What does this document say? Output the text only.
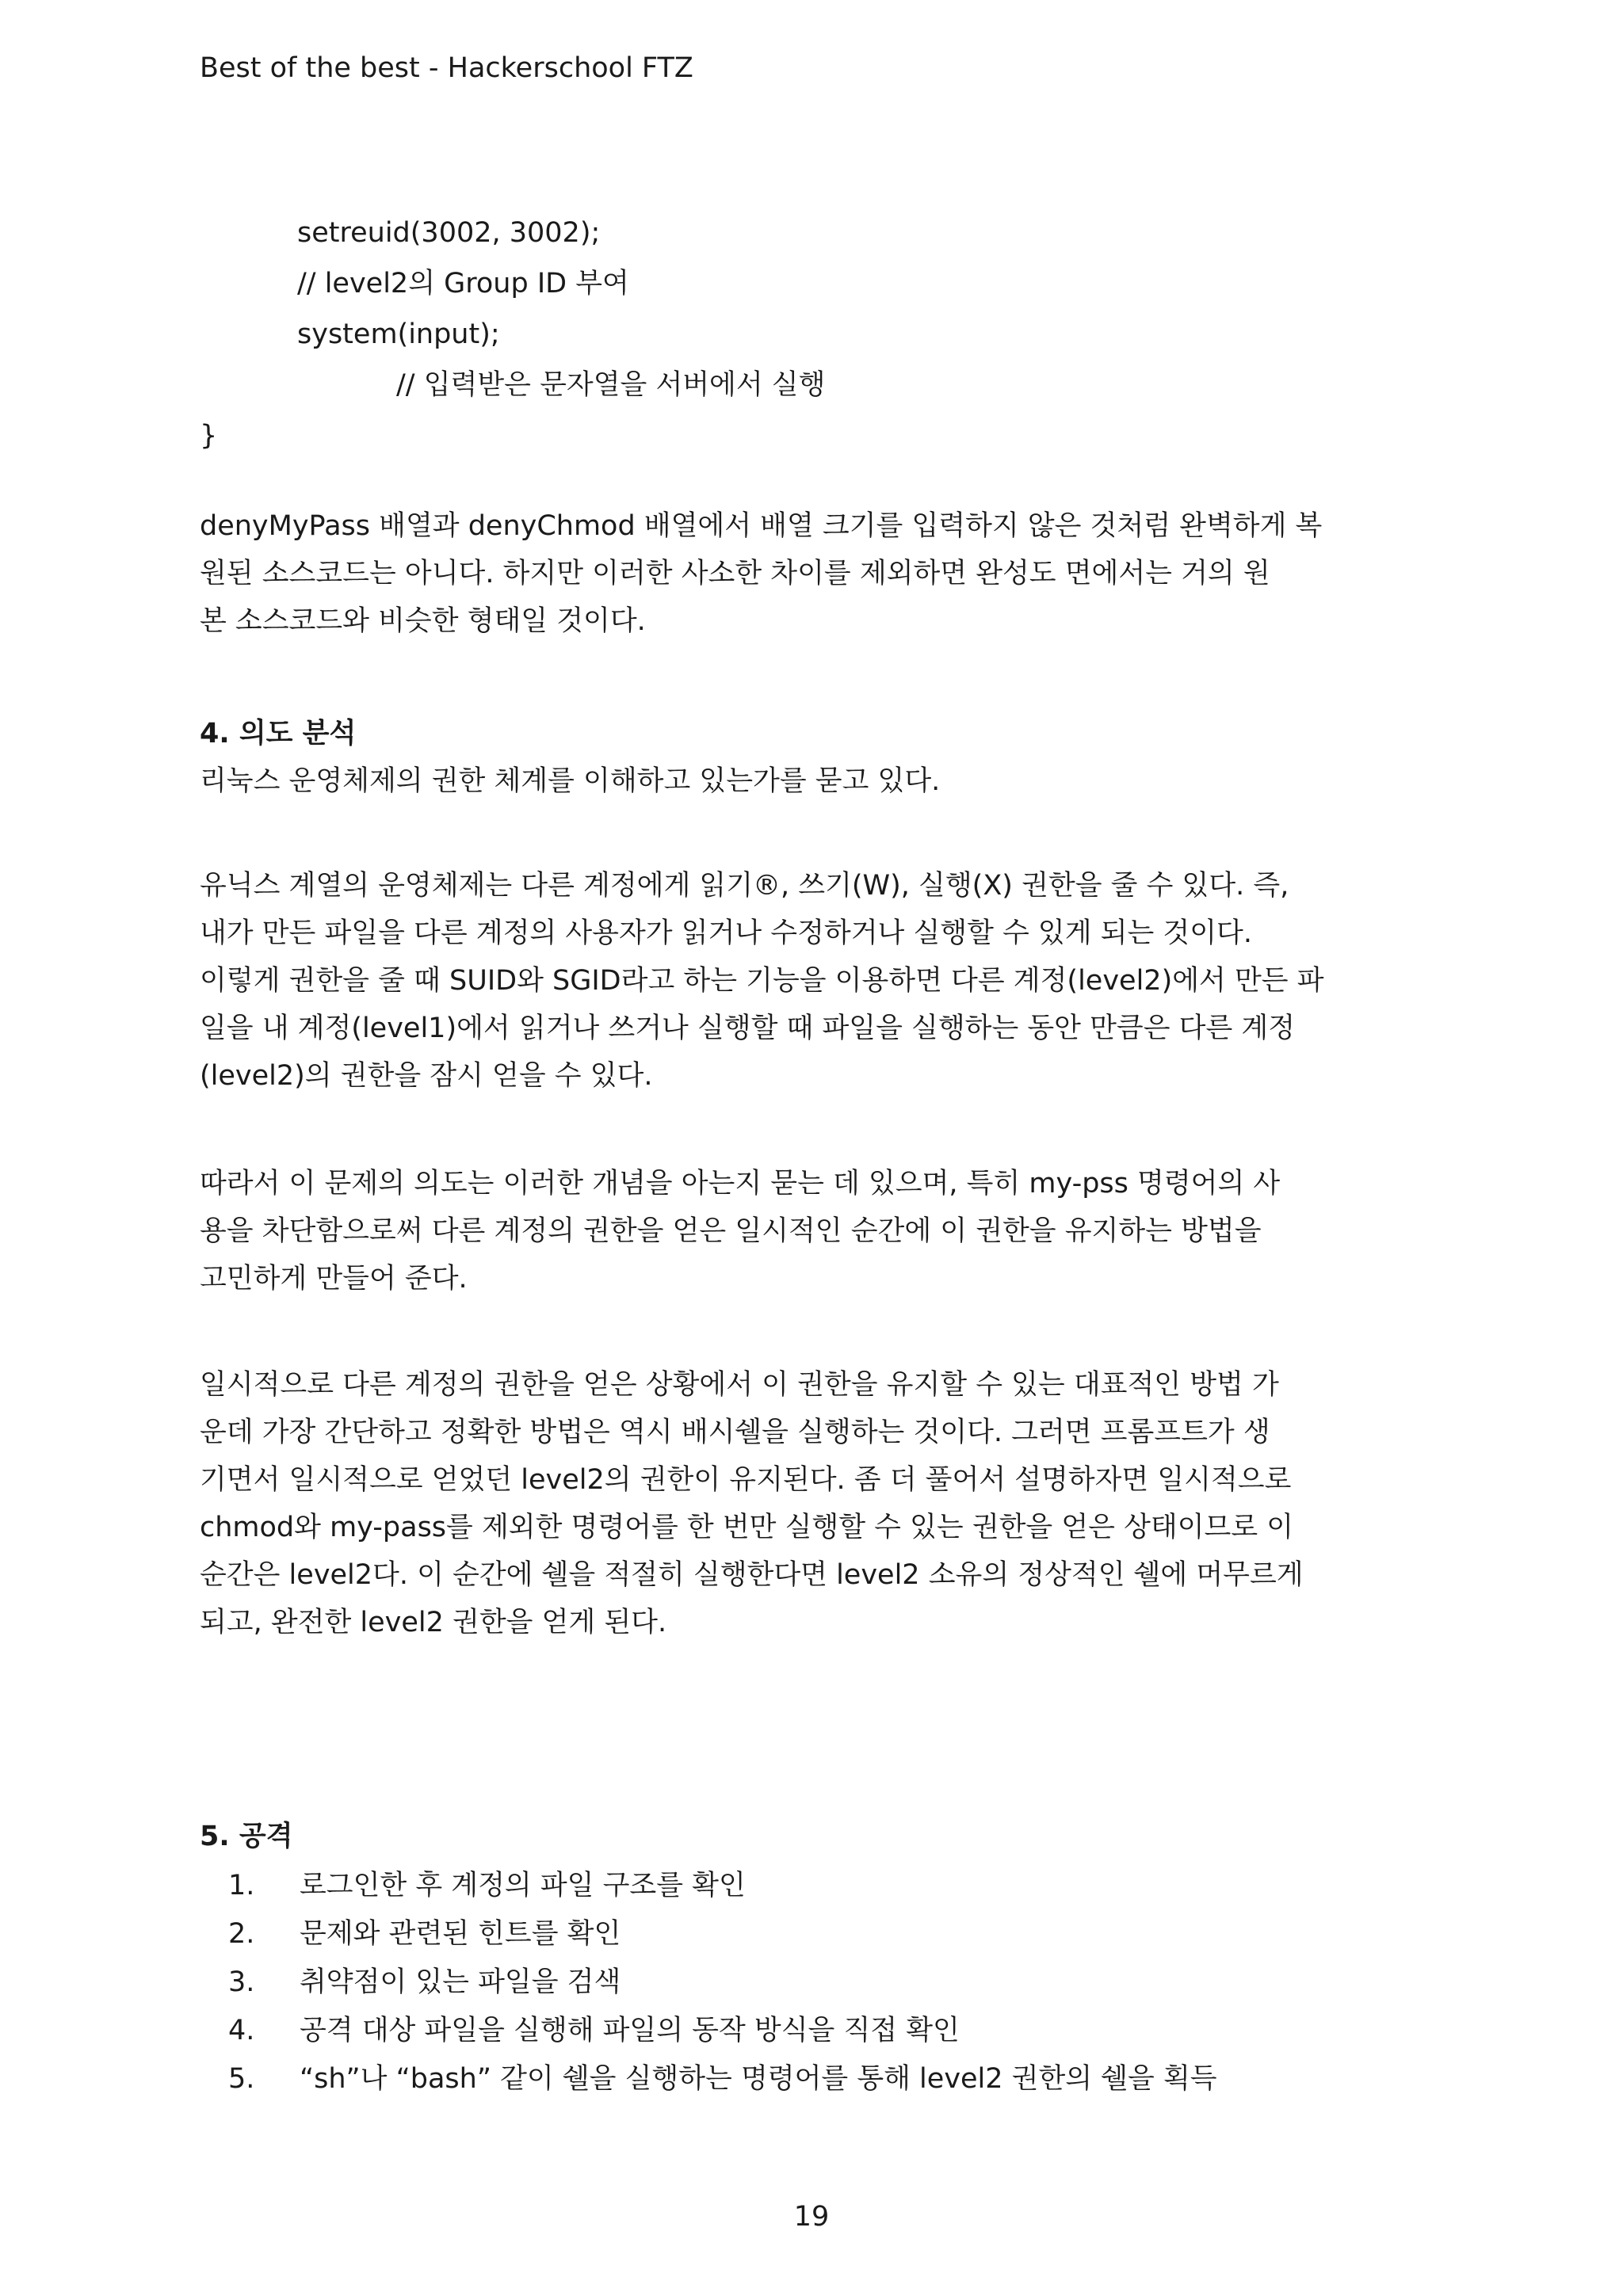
Best of the best - Hackerschool FTZ
setreuid(3002, 3002);
// level2의 Group ID 부여
system(input);
// 입력받은 문자열을 서버에서 실행
}

denyMyPass 배열과 denyChmod 배열에서 배열 크기를 입력하지 않은 것처럼 완벽하게 복

원된 소스코드는 아니다. 하지만 이러한 사소한 차이를 제외하면 완성도 면에서는 거의 원

본 소스코드와 비슷한 형태일 것이다.

4. 의도 분석

리눅스 운영체제의 권한 체계를 이해하고 있는가를 묻고 있다.

유닉스 계열의 운영체제는 다른 계정에게 읽기®, 쓰기(W), 실행(X) 권한을 줄 수 있다. 즉,

내가 만든 파일을 다른 계정의 사용자가 읽거나 수정하거나 실행할 수 있게 되는 것이다.

이렇게 권한을 줄 때 SUID와 SGID라고 하는 기능을 이용하면 다른 계정(level2)에서 만든 파

일을 내 계정(level1)에서 읽거나 쓰거나 실행할 때 파일을 실행하는 동안 만큼은 다른 계정

(level2)의 권한을 잠시 얻을 수 있다.

따라서 이 문제의 의도는 이러한 개념을 아는지 묻는 데 있으며, 특히 my-pss 명령어의 사

용을 차단함으로써 다른 계정의 권한을 얻은 일시적인 순간에 이 권한을 유지하는 방법을

고민하게 만들어 준다.

일시적으로 다른 계정의 권한을 얻은 상황에서 이 권한을 유지할 수 있는 대표적인 방법 가

운데 가장 간단하고 정확한 방법은 역시 배시쉘을 실행하는 것이다. 그러면 프롬프트가 생

기면서 일시적으로 얻었던 level2의 권한이 유지된다. 좀 더 풀어서 설명하자면 일시적으로

chmod와 my-pass를 제외한 명령어를 한 번만 실행할 수 있는 권한을 얻은 상태이므로 이

순간은 level2다. 이 순간에 쉘을 적절히 실행한다면 level2 소유의 정상적인 쉘에 머무르게

되고, 완전한 level2 권한을 얻게 된다.

5. 공격
1.	로그인한 후 계정의 파일 구조를 확인
2.	문제와 관련된 힌트를 확인
3.	취약점이 있는 파일을 검색
4.	공격 대상 파일을 실행해 파일의 동작 방식을 직접 확인
5.	“sh”나 “bash” 같이 쉘을 실행하는 명령어를 통해 level2 권한의 쉘을 획득
19
